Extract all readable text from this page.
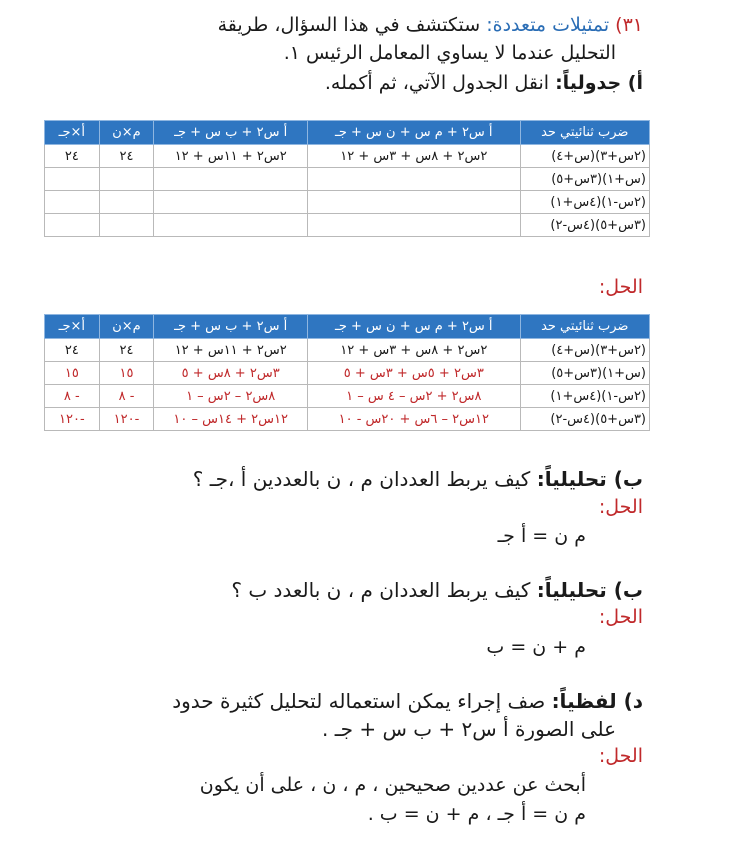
٣١) تمثيلات متعددة: ستكتشف في هذا السؤال، طريقة
التحليل عندما لا يساوي المعامل الرئيس ١.
أ) جدولياً: انقل الجدول الآتي، ثم أكمله.
ضرب ثنائيتي حد	أ س٢ + م س + ن س + جـ	أ س٢ + ب س + جـ	م×ن	أ×جـ
(٢س+٣)(س+٤)	٢س٢ + ٨س + ٣س + ١٢	٢س٢ + ١١س + ١٢	٢٤	٢٤
(س+١)(٣س+٥)				
(٢س-١)(٤س+١)				
(٣س+٥)(٤س-٢)				
الحل:
ضرب ثنائيتي حد	أ س٢ + م س + ن س + جـ	أ س٢ + ب س + جـ	م×ن	أ×جـ
(٢س+٣)(س+٤)	٢س٢ + ٨س + ٣س + ١٢	٢س٢ + ١١س + ١٢	٢٤	٢٤
(س+١)(٣س+٥)	٣س٢ + ٥س + ٣س + ٥	٣س٢ + ٨س + ٥	١٥	١٥
(٢س-١)(٤س+١)	٨س٢ + ٢س – ٤ س – ١	٨س٢ – ٢س – ١	- ٨	- ٨
(٣س+٥)(٤س-٢)	١٢س٢ – ٦س + ٢٠س - ١٠	١٢س٢ + ١٤س – ١٠	-١٢٠	-١٢٠
ب) تحليلياً: كيف يربط العددان م ، ن بالعددين أ ،جـ ؟
الحل:
م ن = أ جـ
ب) تحليلياً: كيف يربط العددان م ، ن بالعدد ب ؟
الحل:
م + ن = ب
د) لفظياً: صف إجراء يمكن استعماله لتحليل كثيرة حدود
على الصورة أ س٢ + ب س + جـ .
الحل:
أبحث عن عددين صحيحين ، م ، ن ، على أن يكون
م ن = أ جـ ، م + ن = ب .
